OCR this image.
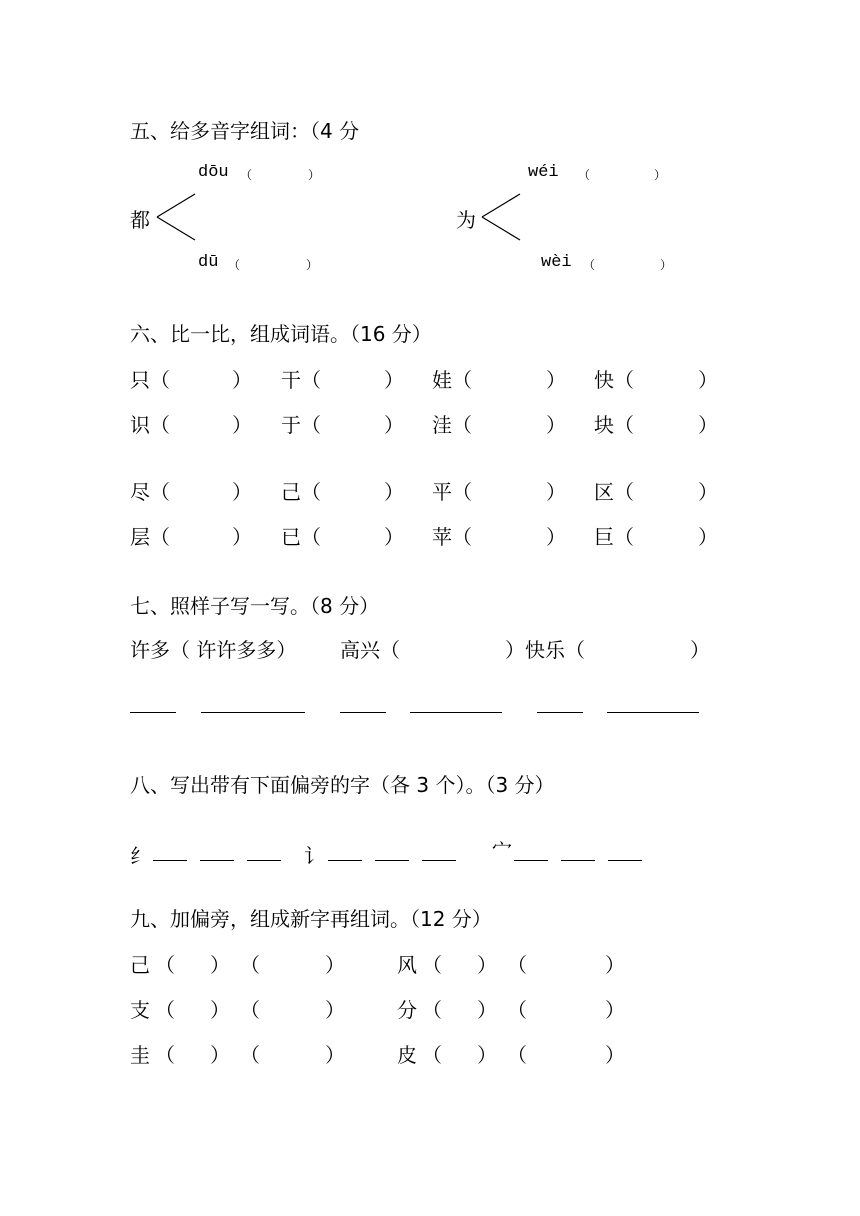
五、给多音字组词：（4 分
dōu （	）
都
dū （	）
wéi （	）
为
wèi （	）
六、比一比，组成词语。（16 分）
只（	） 干（	） 娃（	） 快（	）
识（	） 于（	） 洼（	） 块（	）
尽（	） 己（	） 平（	） 区（	）
层（	） 已（	） 苹（	） 巨（	）
七、照样子写一写。（8 分）
许多（ 许许多多） 高兴（	）快乐（	）
八、写出带有下面偏旁的字（各 3 个）。（3 分）
纟	讠	宀
九、加偏旁，组成新字再组词。（12 分）
己 （ ） （	）	风 （ ） （	）
支 （ ） （	）	分 （ ） （	）
圭 （ ） （	）	皮 （ ） （	）
